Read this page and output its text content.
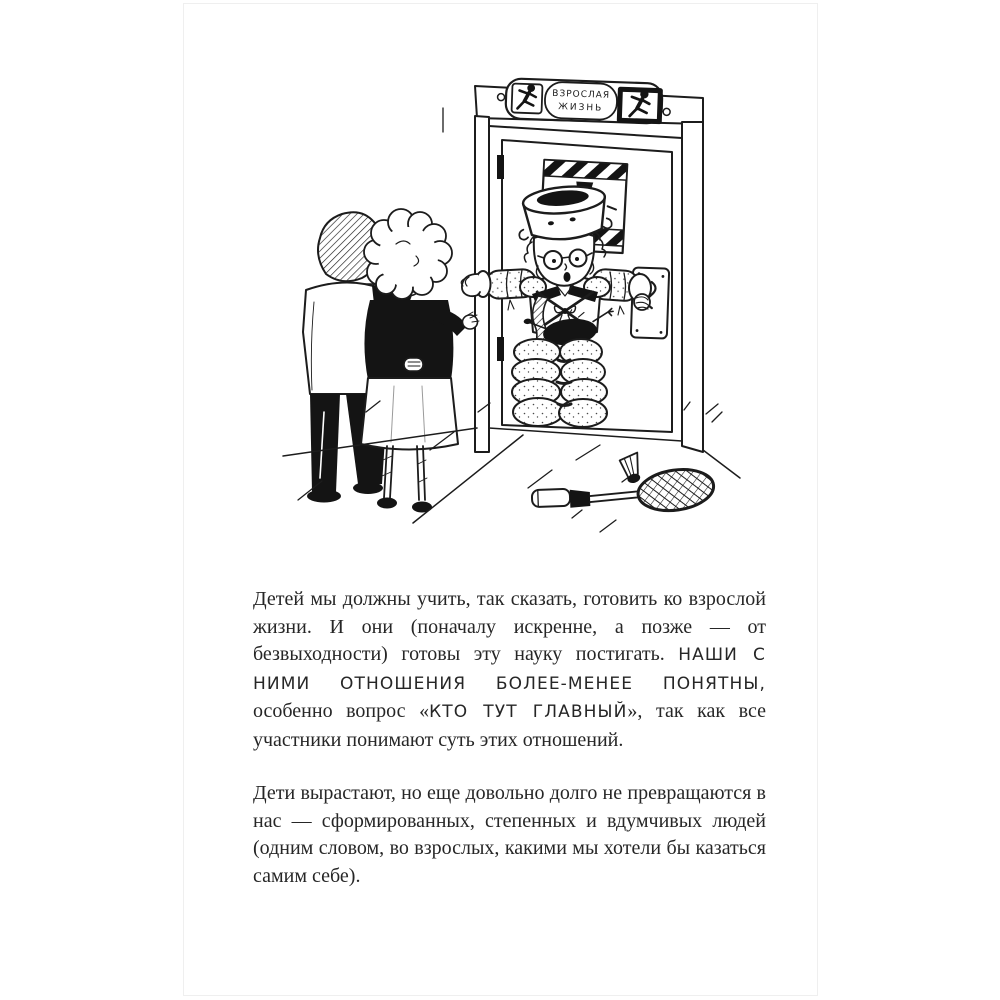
ВЗРОСЛАЯ
ЖИЗНЬ

Детей мы должны учить, так сказать, готовить ко взрослой жизни. И они (поначалу искренне, а позже — от безвыходности) готовы эту науку постигать. НАШИ С НИМИ ОТНОШЕНИЯ БОЛЕЕ-МЕНЕЕ ПОНЯТНЫ, особенно вопрос «КТО ТУТ ГЛАВНЫЙ», так как все участники понимают суть этих отношений.

Дети вырастают, но еще довольно долго не превращаются в нас — сформированных, степенных и вдумчивых людей (одним словом, во взрослых, какими мы хотели бы казаться самим себе).
